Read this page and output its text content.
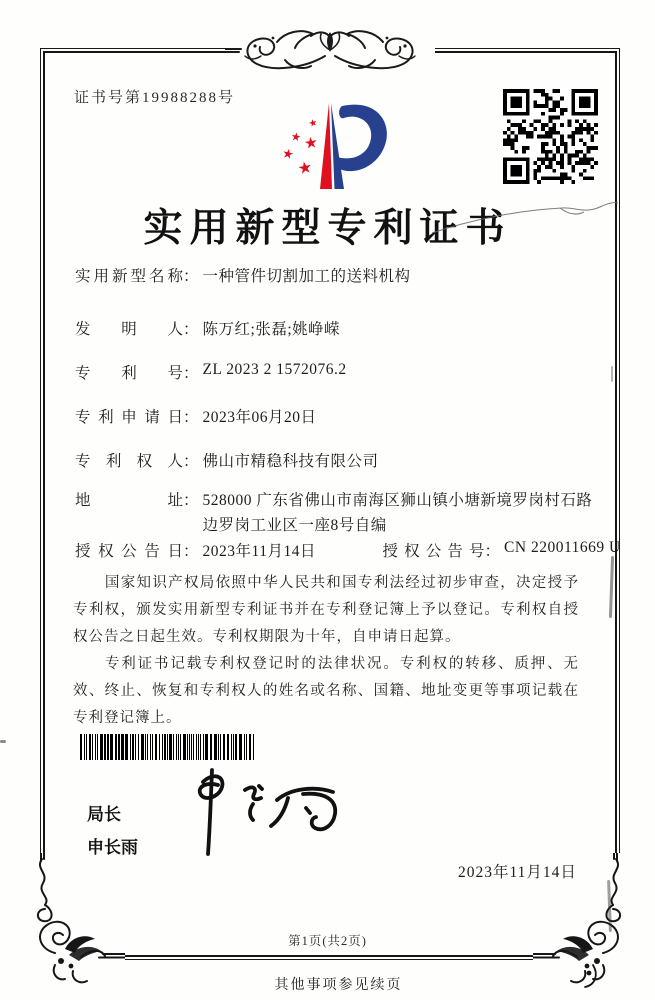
证书号第19988288号
实用新型专利证书
实用新型名称 ： 一种管件切割加工的送料机构
发明人 ： 陈万红;张磊;姚峥嵘
专利号 ： ZL 2023 2 1572076.2
专利申请日 ： 2023年06月20日
专利权人 ： 佛山市精稳科技有限公司
地址 ： 528000 广东省佛山市南海区狮山镇小塘新境罗岗村石路边罗岗工业区一座8号自编
授权公告日 ： 2023年11月14日	授权公告号 ： CN 220011669 U

国家知识产权局依照中华人民共和国专利法经过初步审查，决定授予专利权，颁发实用新型专利证书并在专利登记簿上予以登记。专利权自授权公告之日起生效。专利权期限为十年，自申请日起算。

专利证书记载专利权登记时的法律状况。专利权的转移、质押、无效、终止、恢复和专利权人的姓名或名称、国籍、地址变更等事项记载在专利登记簿上。

局长
申长雨
2023年11月14日
第1页(共2页)
其他事项参见续页
